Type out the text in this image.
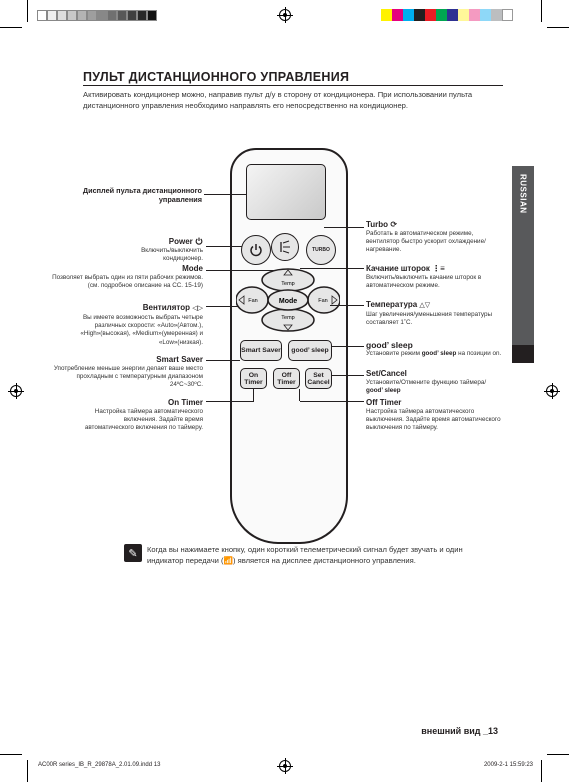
ПУЛЬТ ДИСТАНЦИОННОГО УПРАВЛЕНИЯ
Активировать кондиционер можно, направив пульт д/у в сторону от кондиционера. При использовании пульта дистанционного управления необходимо направлять его непосредственно на кондиционер.
RUSSIAN
TURBO
Temp
Temp
Mode
Fan	Fan
Smart Saver	good’ sleep
On Timer
Off Timer
Set Cancel
Дисплей пульта дистанционного управления
Power
Включить/выключить кондиционер.
Mode
Позволяет выбрать один из пяти рабочих режимов. (см. подробное описание на СС. 15-19)
Вентилятор ◁▷
Вы имеете возможность выбрать четыре различных скорости: «Auto»(Автом.), «High»(высокая), «Medium»(умеренная) и «Low»(низкая).
Smart Saver
Употребление меньше энергии делает ваше место прохладным с температурным диапазоном 24ºC~30ºC.
On Timer
Настройка таймера автоматического включения. Задайте время автоматического включения по таймеру.
Turbo ⟳
Работать в автоматическом режиме, вентилятор быстро ускорит охлаждение/ нагревание.
Качание шторок ⋮≡
Включить/выключить качание шторок в автоматическом режиме.
Температура △▽
Шаг увеличения/уменьшения температуры составляет 1˚С.
good’ sleep
Установите режим good’ sleep на позиции on.
Set/Cancel
Установите/Отмените функцию таймера/
good’ sleep
Off Timer
Настройка таймера автоматического выключения. Задайте время автоматического выключения по таймеру.
✎	Когда вы нажимаете кнопку, один короткий телеметрический сигнал будет звучать и один индикатор передачи (📶) является на дисплее дистанционного управления.
внешний вид _13
AC00R series_IB_R_29878A_2.01.09.indd 13	2009-2-1 15:59:23
